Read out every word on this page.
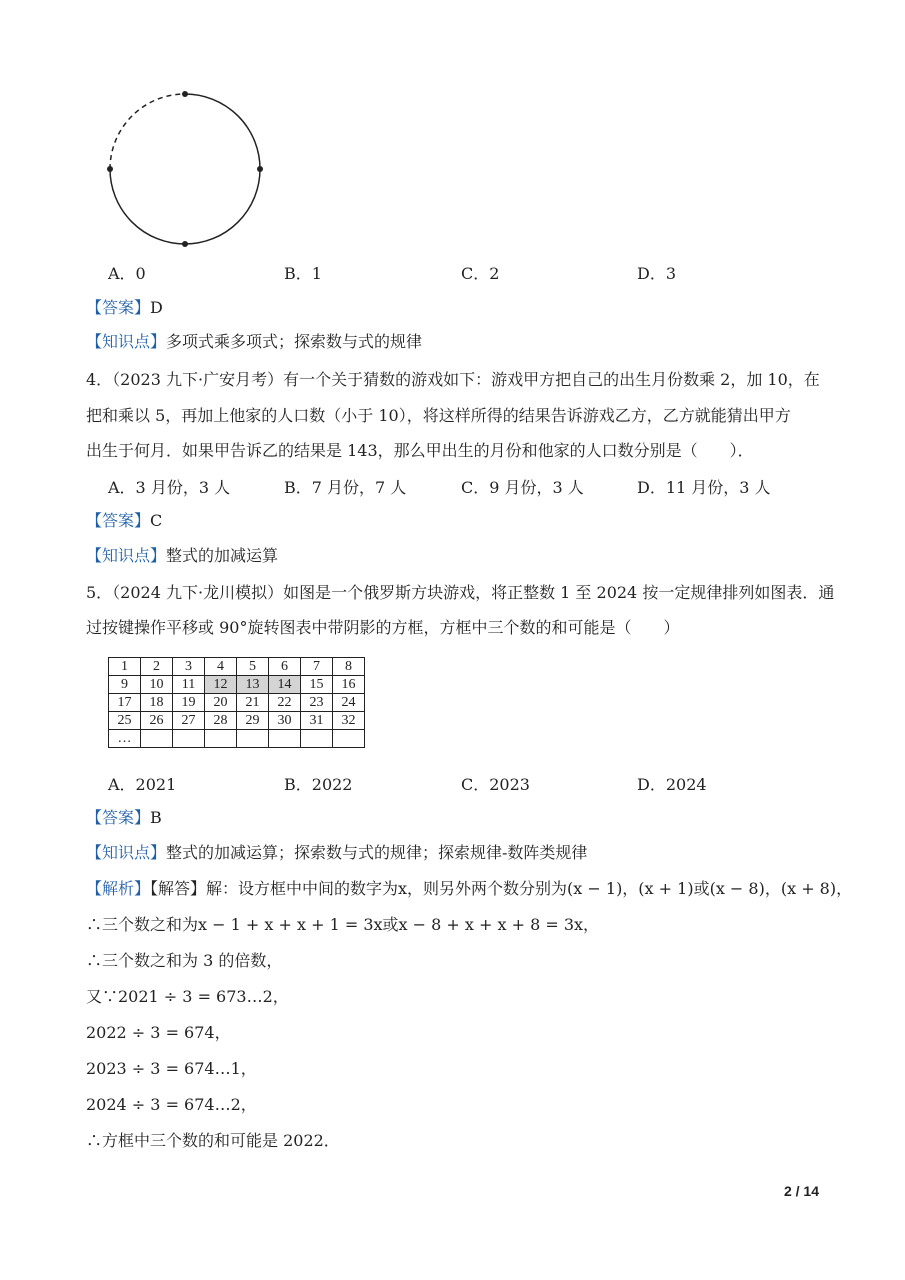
A．0	B．1	C．2	D．3
【答案】D
【知识点】多项式乘多项式；探索数与式的规律
4．（2023 九下·广安月考）有一个关于猜数的游戏如下：游戏甲方把自己的出生月份数乘 2，加 10，在
把和乘以 5，再加上他家的人口数（小于 10），将这样所得的结果告诉游戏乙方，乙方就能猜出甲方
出生于何月．如果甲告诉乙的结果是 143，那么甲出生的月份和他家的人口数分别是（　　）．
A．3 月份，3 人	B．7 月份，7 人	C．9 月份，3 人	D．11 月份，3 人
【答案】C
【知识点】整式的加减运算
5．（2024 九下·龙川模拟）如图是一个俄罗斯方块游戏，将正整数 1 至 2024 按一定规律排列如图表．通
过按键操作平移或 90°旋转图表中带阴影的方框，方框中三个数的和可能是（　　）
1	2	3	4	5	6	7	8
9	10	11	12	13	14	15	16
17	18	19	20	21	22	23	24
25	26	27	28	29	30	31	32
…							
A．2021	B．2022	C．2023	D．2024
【答案】B
【知识点】整式的加减运算；探索数与式的规律；探索规律-数阵类规律
【解析】【解答】解：设方框中中间的数字为x，则另外两个数分别为(x − 1)，(x + 1)或(x − 8)，(x + 8)，
∴三个数之和为x − 1 + x + x + 1 = 3x或x − 8 + x + x + 8 = 3x，
∴三个数之和为 3 的倍数，
又∵2021 ÷ 3 = 673…2，
2022 ÷ 3 = 674，
2023 ÷ 3 = 674…1，
2024 ÷ 3 = 674…2，
∴方框中三个数的和可能是 2022．
2 / 14
